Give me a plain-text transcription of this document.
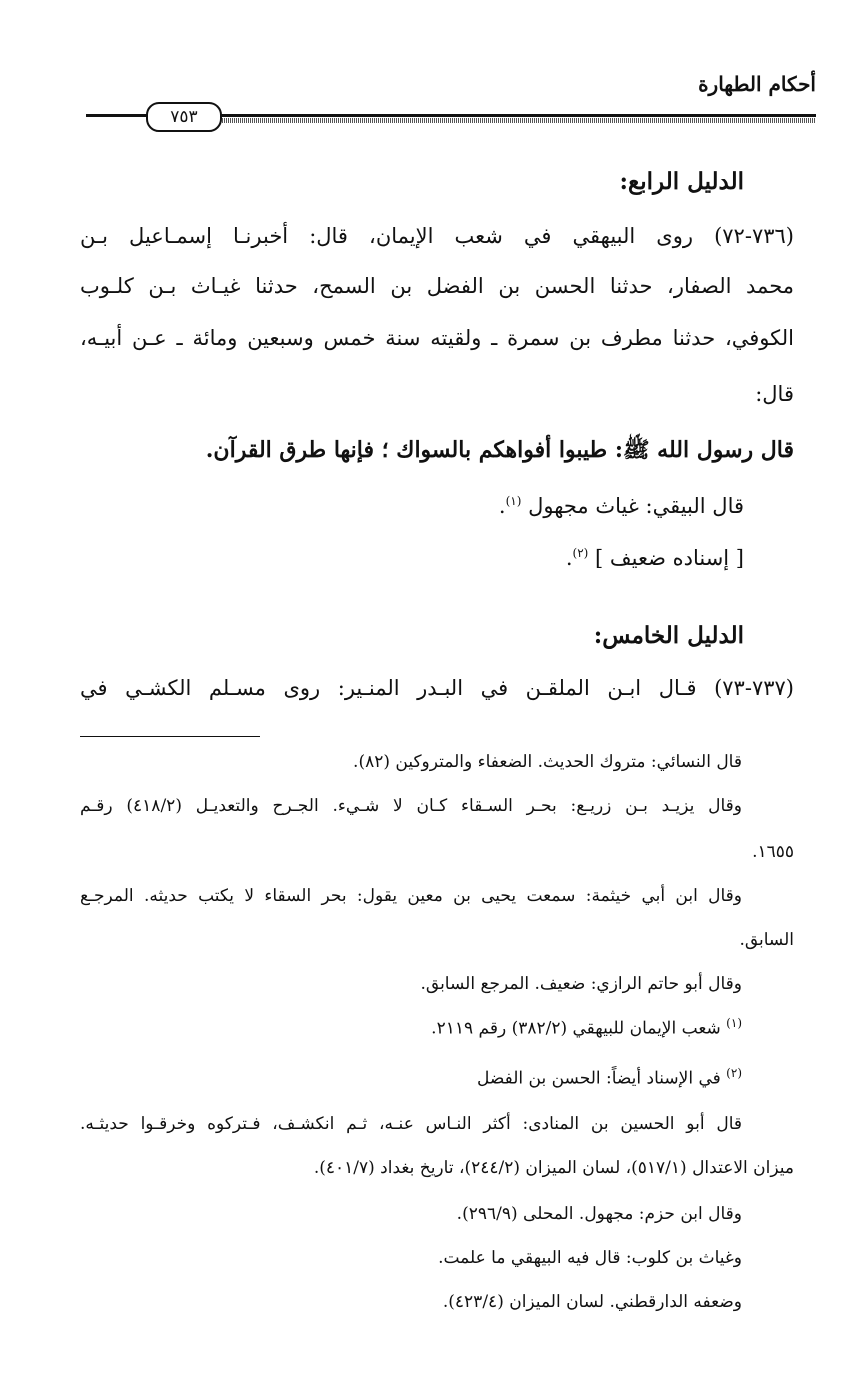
أحكام الطهارة
٧٥٣
الدليل الرابع:
(٧٣٦-٧٢) روى البيهقي في شعب الإيمان، قال: أخبرنـا إسمـاعيل بـن
محمد الصفار، حدثنا الحسن بن الفضل بن السمح، حدثنا غيـاث بـن كلـوب
الكوفي، حدثنا مطرف بن سمرة ـ ولقيته سنة خمس وسبعين ومائة ـ عـن أبيـه،
قال:
قال رسول الله ﷺ: طيبوا أفواهكم بالسواك ؛ فإنها طرق القرآن.
قال البيقي: غياث مجهول $^{(١)}$.
[ إسناده ضعيف ] $^{(٢)}$.
الدليل الخامس:
(٧٣٧-٧٣) قـال ابـن الملقـن في البـدر المنـير: روى مسـلم الكشـي في
قال النسائي: متروك الحديث. الضعفاء والمتروكين (٨٢).
وقال يزيـد بـن زريـع: بحـر السـقاء كـان لا شـيء. الجـرح والتعديـل (٤١٨/٢) رقـم
١٦٥٥.
وقال ابن أبي خيثمة: سمعت يحيى بن معين يقول: بحر السقاء لا يكتب حديثه. المرجـع
السابق.
وقال أبو حاتم الرازي: ضعيف. المرجع السابق.
$^{(١)}$ شعب الإيمان للبيهقي (٣٨٢/٢) رقم ٢١١٩.
$^{(٢)}$ في الإسناد أيضاً: الحسن بن الفضل
قال أبو الحسين بن المنادى: أكثر النـاس عنـه، ثـم انكشـف، فـتركوه وخرقـوا حديثـه.
ميزان الاعتدال (٥١٧/١)، لسان الميزان (٢٤٤/٢)، تاريخ بغداد (٤٠١/٧).
وقال ابن حزم: مجهول. المحلى (٢٩٦/٩).
وغياث بن كلوب: قال فيه البيهقي ما علمت.
وضعفه الدارقطني. لسان الميزان (٤٢٣/٤).
